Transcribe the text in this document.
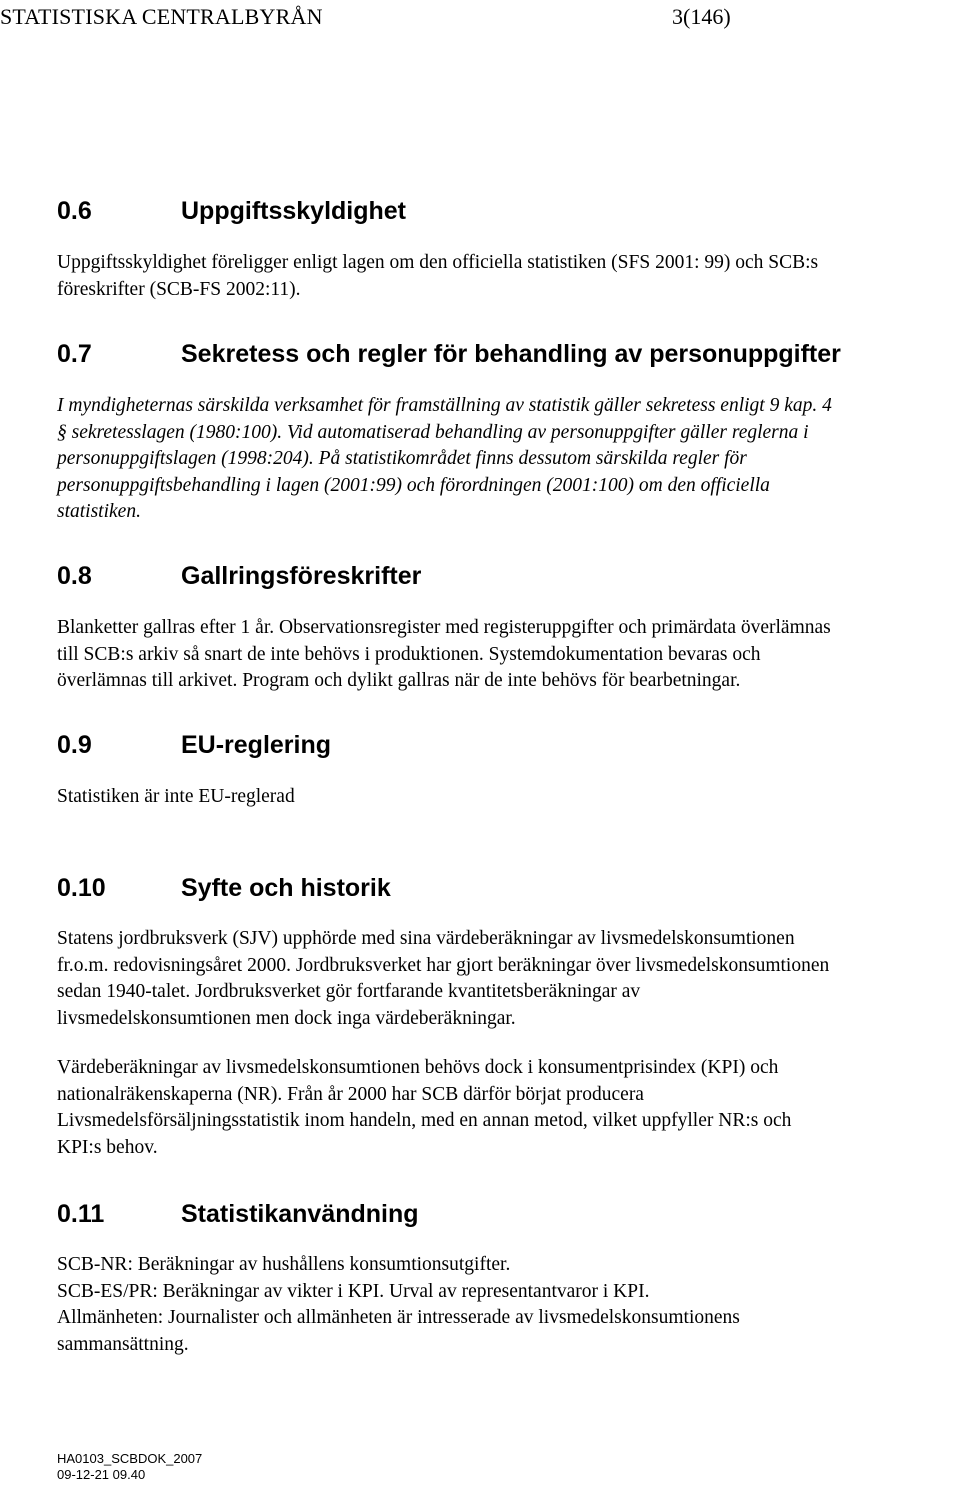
STATISTISKA CENTRALBYRÅN	3(146)
0.6	Uppgiftsskyldighet
Uppgiftsskyldighet föreligger enligt lagen om den officiella statistiken (SFS 2001: 99) och SCB:s
föreskrifter (SCB-FS 2002:11).
0.7	Sekretess och regler för behandling av personuppgifter
I myndigheternas särskilda verksamhet för framställning av statistik gäller sekretess enligt 9 kap. 4
§ sekretesslagen (1980:100). Vid automatiserad behandling av personuppgifter gäller reglerna i
personuppgiftslagen (1998:204). På statistikområdet finns dessutom särskilda regler för
personuppgiftsbehandling i lagen (2001:99) och förordningen (2001:100) om den officiella
statistiken.
0.8	Gallringsföreskrifter
Blanketter gallras efter 1 år. Observationsregister med registeruppgifter och primärdata överlämnas
till SCB:s arkiv så snart de inte behövs i produktionen. Systemdokumentation bevaras och
överlämnas till arkivet. Program och dylikt gallras när de inte behövs för bearbetningar.
0.9	EU-reglering
Statistiken är inte EU-reglerad
0.10	Syfte och historik
Statens jordbruksverk (SJV) upphörde med sina värdeberäkningar av livsmedelskonsumtionen
fr.o.m. redovisningsåret 2000. Jordbruksverket har gjort beräkningar över livsmedelskonsumtionen
sedan 1940-talet. Jordbruksverket gör fortfarande kvantitetsberäkningar av
livsmedelskonsumtionen men dock inga värdeberäkningar.
Värdeberäkningar av livsmedelskonsumtionen behövs dock i konsumentprisindex (KPI) och
nationalräkenskaperna (NR). Från år 2000 har SCB därför börjat producera
Livsmedelsförsäljningsstatistik inom handeln, med en annan metod, vilket uppfyller NR:s och
KPI:s behov.
0.11	Statistikanvändning
SCB-NR: Beräkningar av hushållens konsumtionsutgifter.
SCB-ES/PR: Beräkningar av vikter i KPI. Urval av representantvaror i KPI.
Allmänheten: Journalister och allmänheten är intresserade av livsmedelskonsumtionens
sammansättning.
HA0103_SCBDOK_2007
09-12-21 09.40
